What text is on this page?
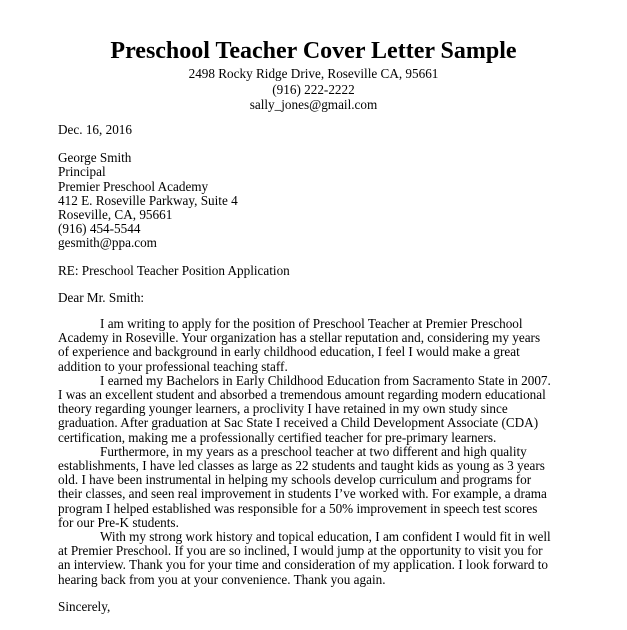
Preschool Teacher Cover Letter Sample
2498 Rocky Ridge Drive, Roseville CA, 95661
(916) 222-2222
sally_jones@gmail.com
Dec. 16, 2016
George Smith
Principal
Premier Preschool Academy
412 E. Roseville Parkway, Suite 4
Roseville, CA, 95661
(916) 454-5544
gesmith@ppa.com
RE: Preschool Teacher Position Application
Dear Mr. Smith:
I am writing to apply for the position of Preschool Teacher at Premier Preschool
Academy in Roseville. Your organization has a stellar reputation and, considering my years
of experience and background in early childhood education, I feel I would make a great
addition to your professional teaching staff.
I earned my Bachelors in Early Childhood Education from Sacramento State in 2007.
I was an excellent student and absorbed a tremendous amount regarding modern educational
theory regarding younger learners, a proclivity I have retained in my own study since
graduation. After graduation at Sac State I received a Child Development Associate (CDA)
certification, making me a professionally certified teacher for pre-primary learners.
Furthermore, in my years as a preschool teacher at two different and high quality
establishments, I have led classes as large as 22 students and taught kids as young as 3 years
old. I have been instrumental in helping my schools develop curriculum and programs for
their classes, and seen real improvement in students I’ve worked with. For example, a drama
program I helped established was responsible for a 50% improvement in speech test scores
for our Pre-K students.
With my strong work history and topical education, I am confident I would fit in well
at Premier Preschool. If you are so inclined, I would jump at the opportunity to visit you for
an interview. Thank you for your time and consideration of my application. I look forward to
hearing back from you at your convenience. Thank you again.
Sincerely,
